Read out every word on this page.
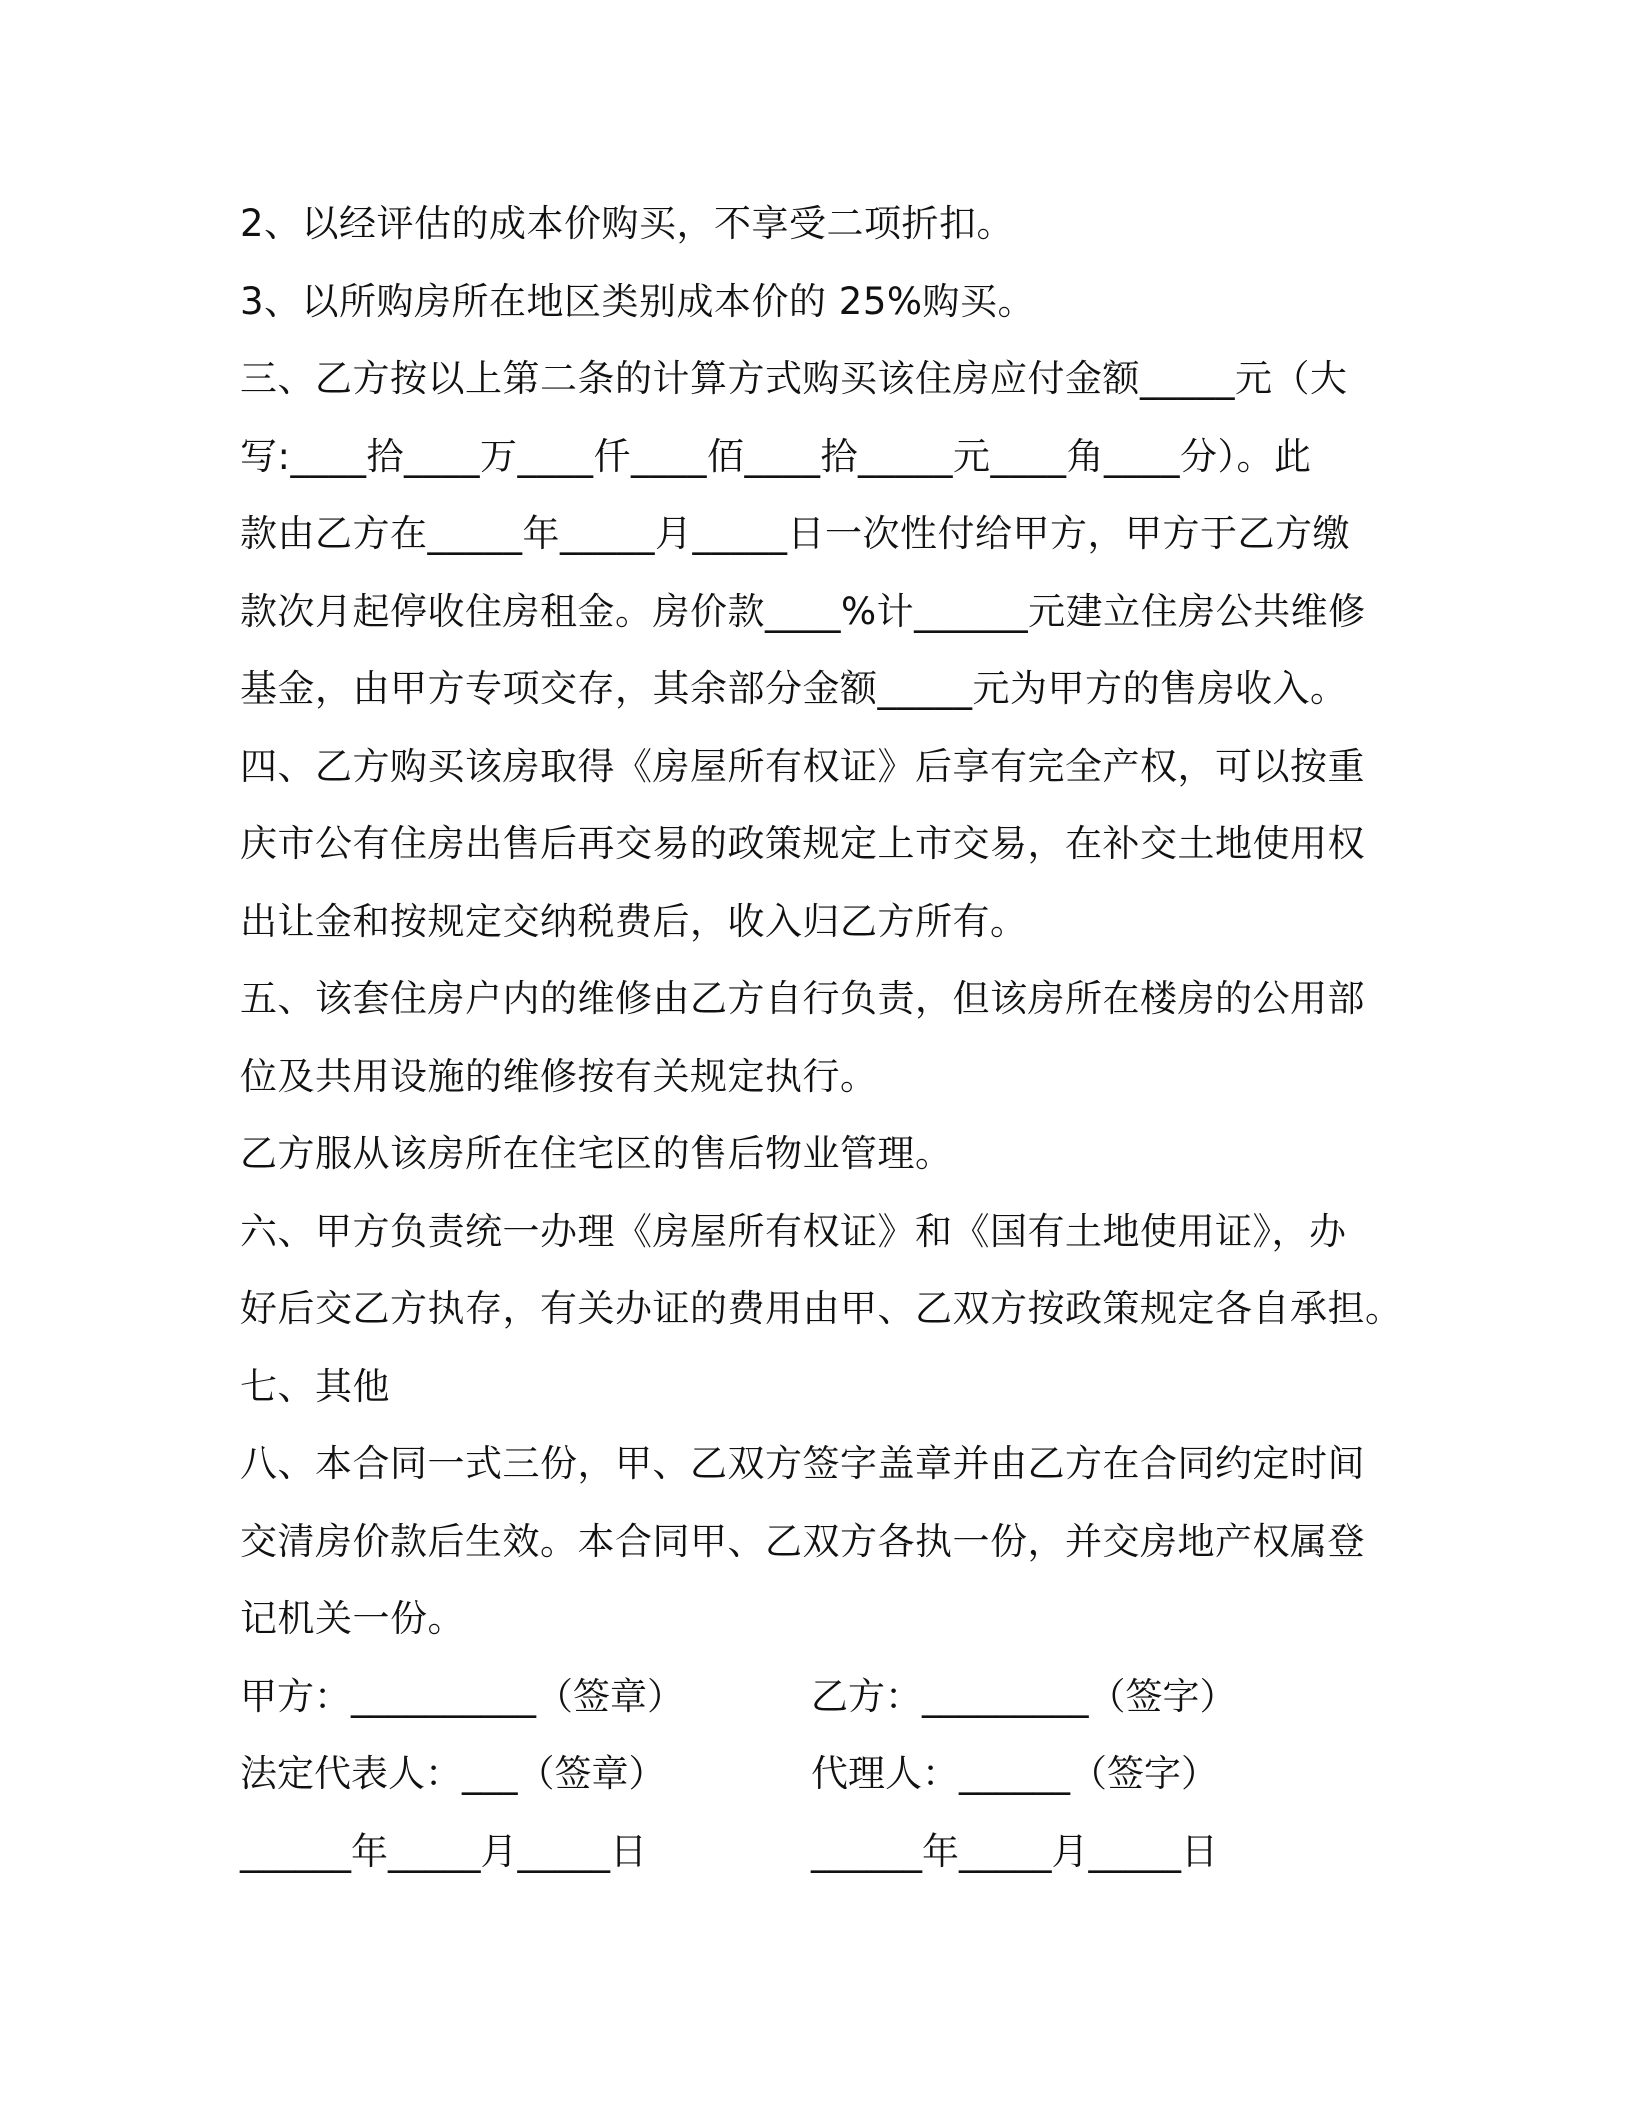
2、以经评估的成本价购买，不享受二项折扣。
3、以所购房所在地区类别成本价的 25%购买。
三、乙方按以上第二条的计算方式购买该住房应付金额_____元（大
写:____拾____万____仟____佰____拾_____元____角____分）。此
款由乙方在_____年_____月_____日一次性付给甲方，甲方于乙方缴
款次月起停收住房租金。房价款____%计______元建立住房公共维修
基金，由甲方专项交存，其余部分金额_____元为甲方的售房收入。
四、乙方购买该房取得《房屋所有权证》后享有完全产权，可以按重
庆市公有住房出售后再交易的政策规定上市交易，在补交土地使用权
出让金和按规定交纳税费后，收入归乙方所有。
五、该套住房户内的维修由乙方自行负责，但该房所在楼房的公用部
位及共用设施的维修按有关规定执行。
乙方服从该房所在住宅区的售后物业管理。
六、甲方负责统一办理《房屋所有权证》和《国有土地使用证》，办
好后交乙方执存，有关办证的费用由甲、乙双方按政策规定各自承担。
七、其他
八、本合同一式三份，甲、乙双方签字盖章并由乙方在合同约定时间
交清房价款后生效。本合同甲、乙双方各执一份，并交房地产权属登
记机关一份。
甲方：__________（签章）	乙方：_________（签字）
法定代表人：___（签章）	代理人：______（签字）
______年_____月_____日	______年_____月_____日
